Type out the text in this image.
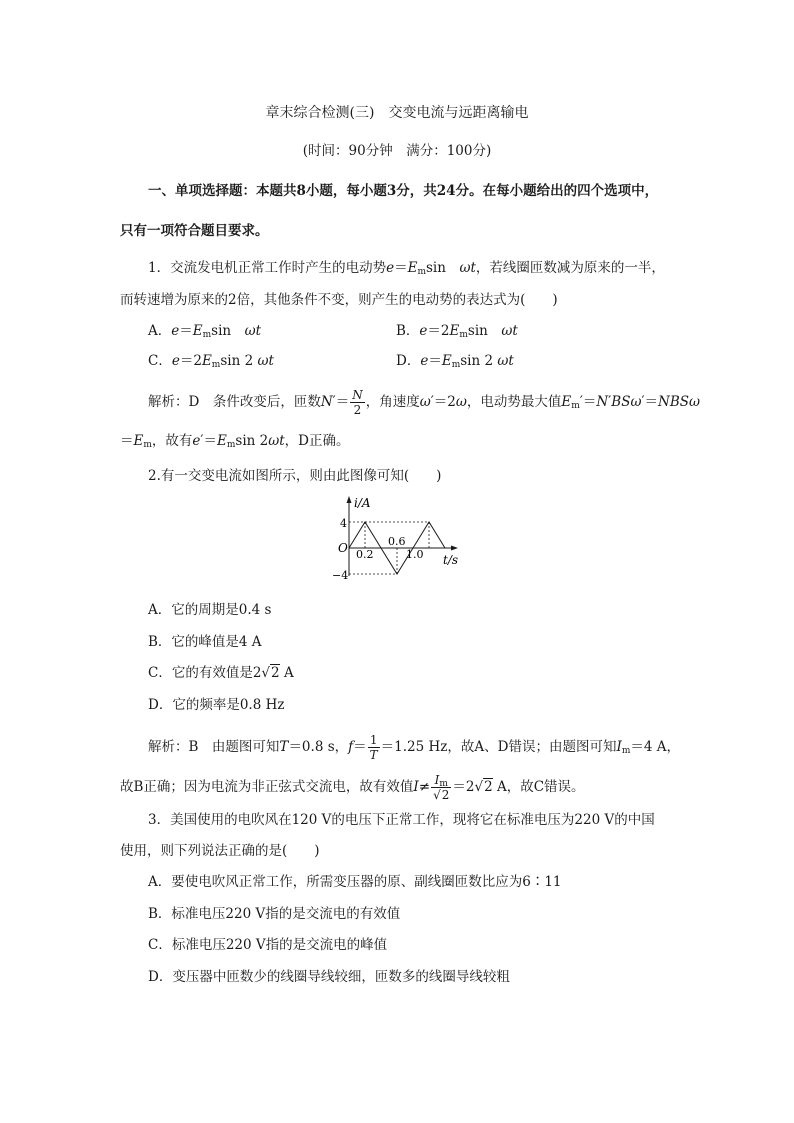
章末综合检测(三)　交变电流与远距离输电
(时间：90分钟　满分：100分)
一、单项选择题：本题共8小题，每小题3分，共24分。在每小题给出的四个选项中，
只有一项符合题目要求。
1．交流发电机正常工作时产生的电动势$e=E_m\sin$　ωt，若线圈匝数减为原来的一半，
而转速增为原来的2倍，其他条件不变，则产生的电动势的表达式为(　　)
A．$e=E_m\sin$　ωt	B．$e=2E_m\sin$　ωt
C．$e=2E_m\sin$ 2 ωt	D．$e=E_m\sin$ 2 ωt
解析：D　条件改变后，匝数$N'= \frac{N}{2}$ ，角速度ω′＝2ω，电动势最大值$E_m'=N'BS\omega'=NBS\omega$
$=E_m$，故有$e'=E_m\sin$ 2ωt，D正确。
2.有一交变电流如图所示，则由此图像可知(　　)
i/A
t/s
O
4
−4
0.2
0.6
1.0
A．它的周期是0.4 s
B．它的峰值是4 A
C．它的有效值是2√2 A
D．它的频率是0.8 Hz
解析：B　由题图可知T＝0.8 s，$f= \frac{1}{T} =1.25$ Hz，故A、D错误；由题图可知$I_m=4$ A，
故B正确；因为电流为非正弦式交流电，故有效值$I\ne \frac{I_m}{√2} =2√2$ A，故C错误。
3．美国使用的电吹风在120 V的电压下正常工作，现将它在标准电压为220 V的中国
使用，则下列说法正确的是(　　)
A．要使电吹风正常工作，所需变压器的原、副线圈匝数比应为6∶11
B．标准电压220 V指的是交流电的有效值
C．标准电压220 V指的是交流电的峰值
D．变压器中匝数少的线圈导线较细，匝数多的线圈导线较粗
